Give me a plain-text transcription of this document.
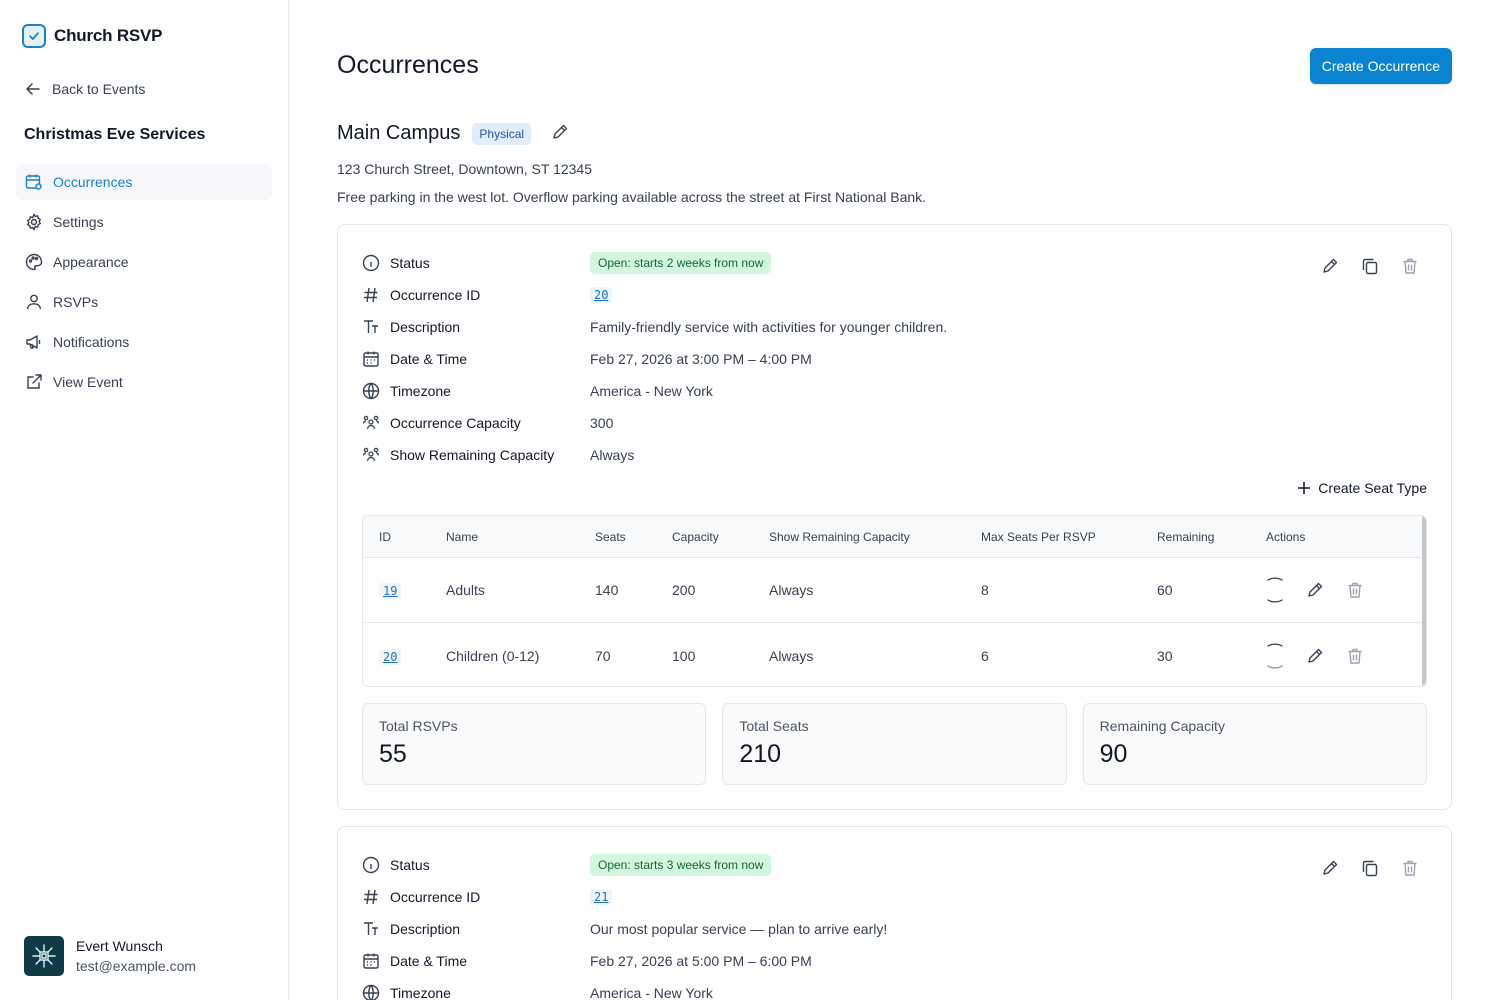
Church RSVP
Back to Events
Christmas Eve Services
Occurrences
Settings
Appearance
RSVPs
Notifications
View Event
Evert Wunsch
test@example.com
Occurrences	Create Occurrence
Main Campus	Physical
123 Church Street, Downtown, ST 12345
Free parking in the west lot. Overflow parking available across the street at First National Bank.
Status	Open: starts 2 weeks from now
Occurrence ID	20
Description	Family-friendly service with activities for younger children.
Date & Time	Feb 27, 2026 at 3:00 PM – 4:00 PM
Timezone	America - New York
Occurrence Capacity	300
Show Remaining Capacity	Always
Create Seat Type
ID	Name	Seats	Capacity	Show Remaining Capacity	Max Seats Per RSVP	Remaining	Actions
19	Adults	140	200	Always	8	60
20	Children (0-12)	70	100	Always	6	30
Total RSVPs
55
Total Seats
210
Remaining Capacity
90
Status	Open: starts 3 weeks from now
Occurrence ID	21
Description	Our most popular service — plan to arrive early!
Date & Time	Feb 27, 2026 at 5:00 PM – 6:00 PM
Timezone	America - New York
